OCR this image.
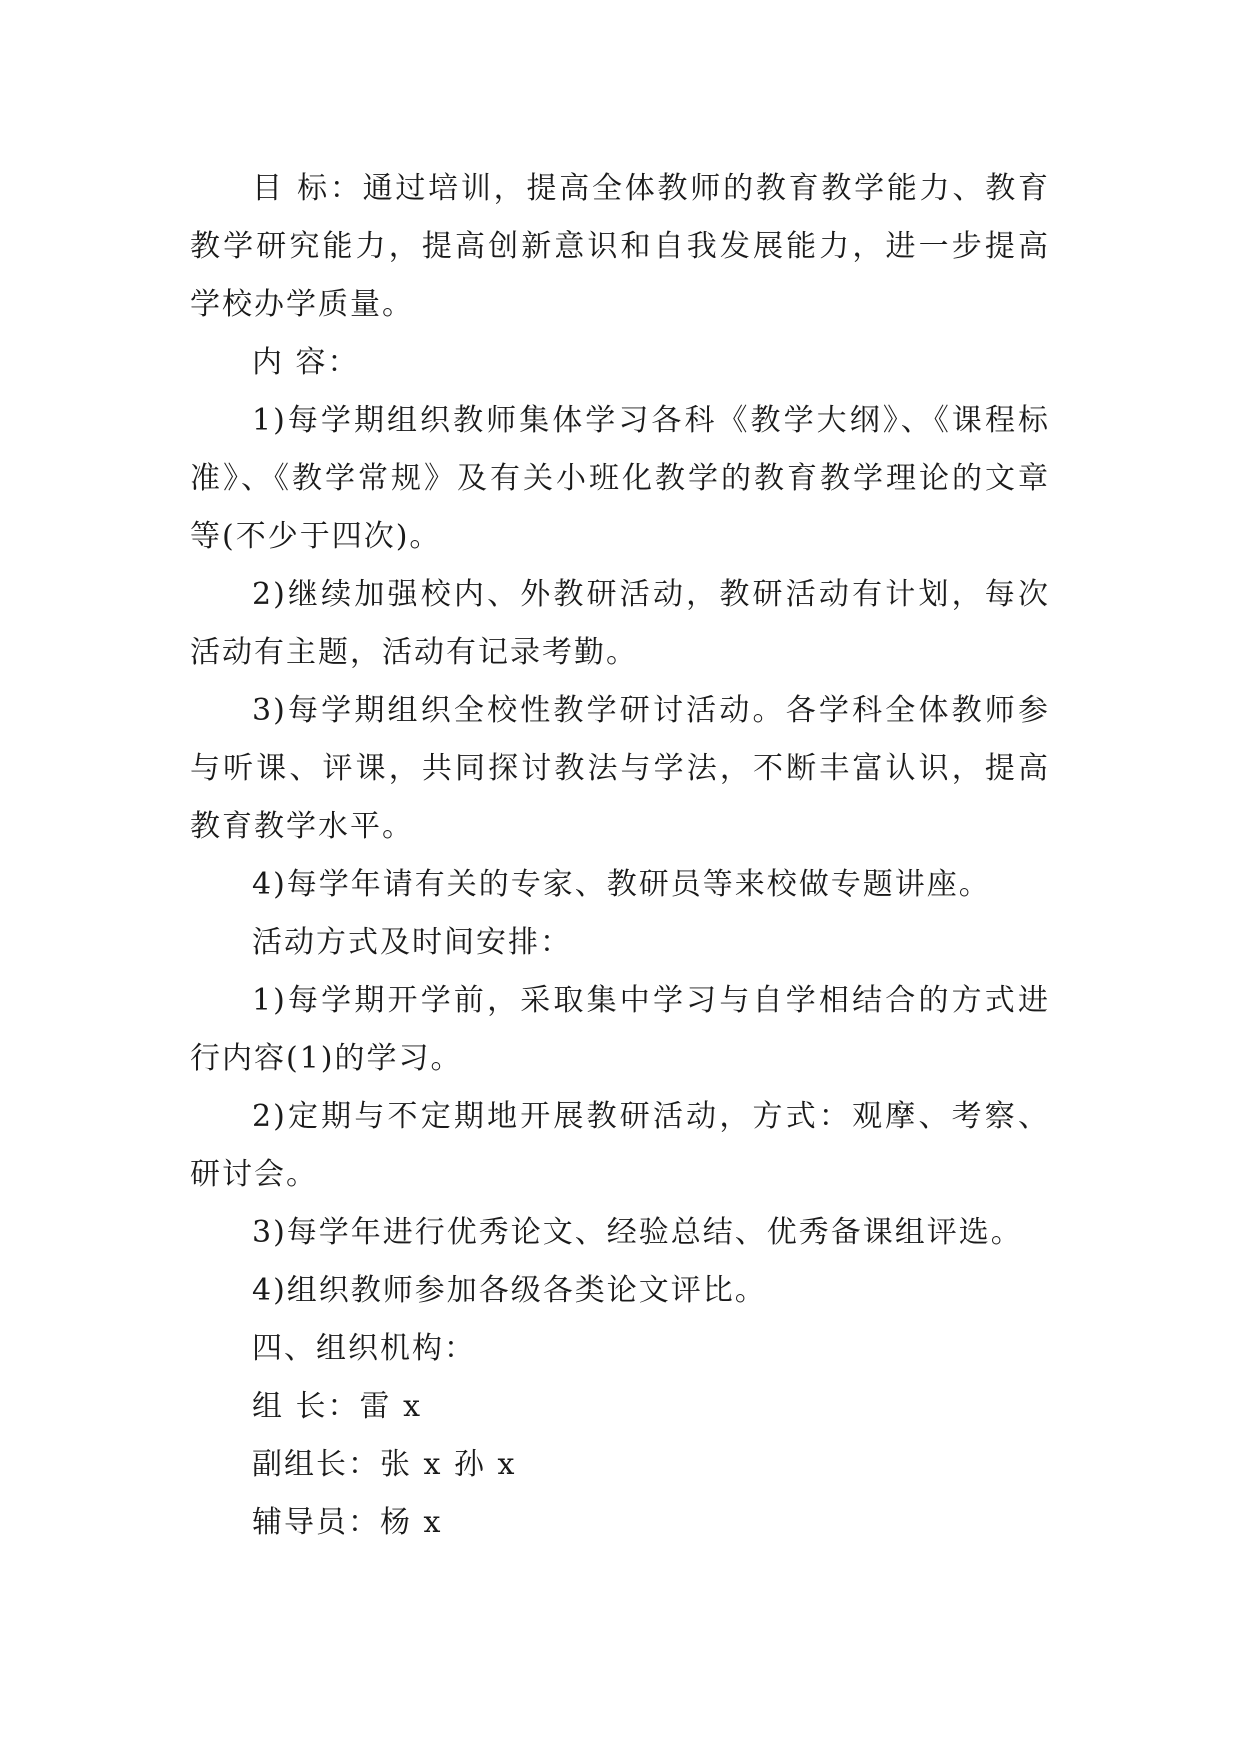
目 标：通过培训，提高全体教师的教育教学能力、教育教学研究能力，提高创新意识和自我发展能力，进一步提高学校办学质量。

内 容：

1)每学期组织教师集体学习各科《教学大纲》、《课程标准》、《教学常规》及有关小班化教学的教育教学理论的文章等(不少于四次)。

2)继续加强校内、外教研活动，教研活动有计划，每次活动有主题，活动有记录考勤。

3)每学期组织全校性教学研讨活动。各学科全体教师参与听课、评课，共同探讨教法与学法，不断丰富认识，提高教育教学水平。

4)每学年请有关的专家、教研员等来校做专题讲座。

活动方式及时间安排：

1)每学期开学前，采取集中学习与自学相结合的方式进行内容(1)的学习。

2)定期与不定期地开展教研活动，方式：观摩、考察、研讨会。

3)每学年进行优秀论文、经验总结、优秀备课组评选。

4)组织教师参加各级各类论文评比。

四、组织机构：

组 长：雷 x

副组长：张 x 孙 x

辅导员：杨 x
